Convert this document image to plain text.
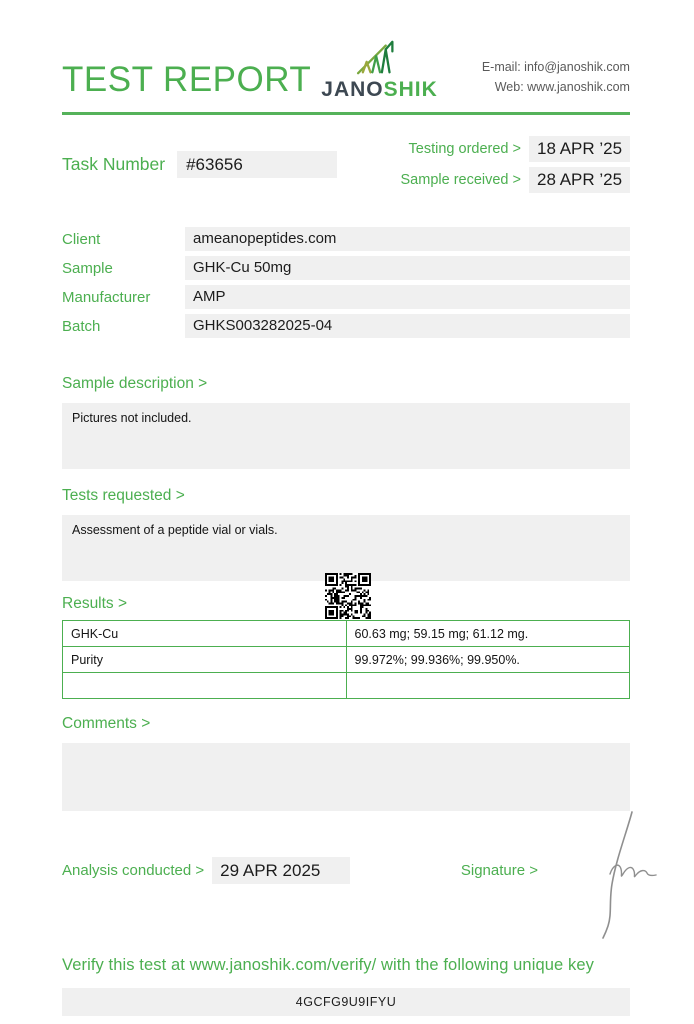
TEST REPORT JANOSHIK
E-mail: info@janoshik.com
Web: www.janoshik.com
Task Number	#63656
Testing ordered > 18 APR ’25
Sample received > 28 APR ’25
Client	ameanopeptides.com
Sample	GHK-Cu 50mg
Manufacturer	AMP
Batch	GHKS003282025-04
Sample description >
Pictures not included.
Tests requested >
Assessment of a peptide vial or vials.
Results >
GHK-Cu	60.63 mg; 59.15 mg; 61.12 mg.
Purity	99.972%; 99.936%; 99.950%.

Comments >
Analysis conducted > 29 APR 2025	Signature >
Verify this test at www.janoshik.com/verify/ with the following unique key
4GCFG9U9IFYU
